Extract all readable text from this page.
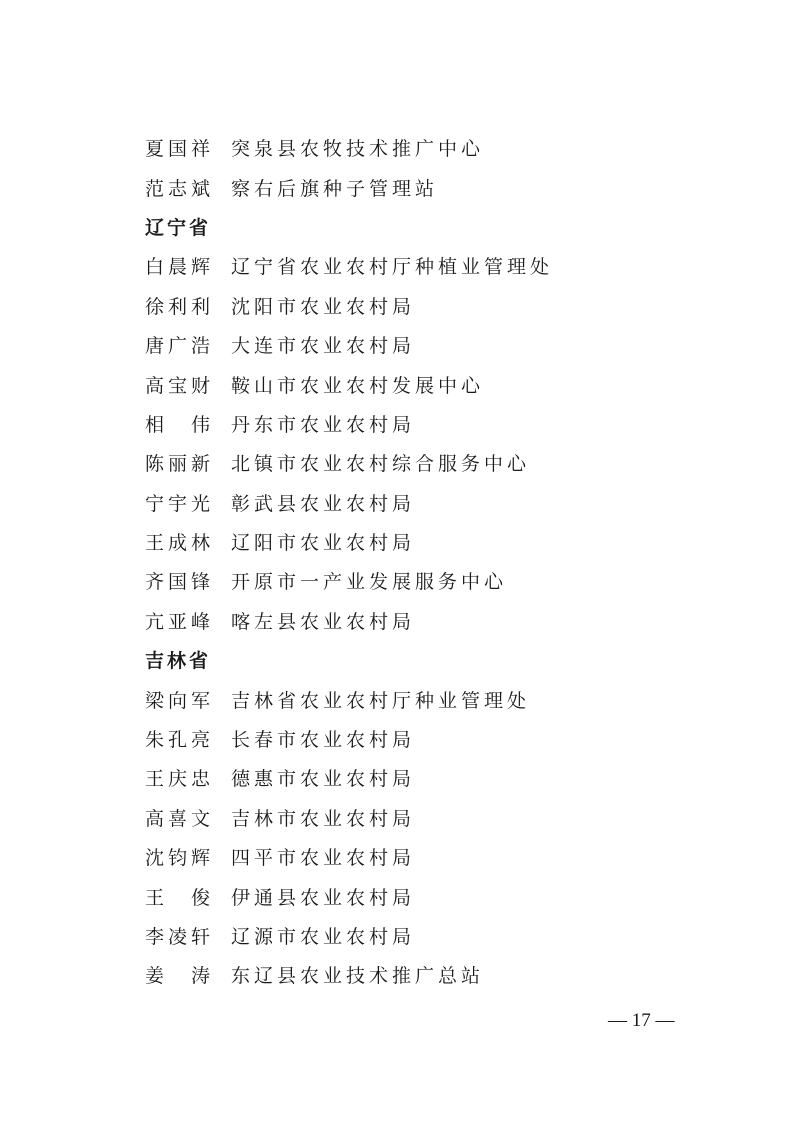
夏国祥 突泉县农牧技术推广中心
范志斌 察右后旗种子管理站
辽宁省
白晨辉 辽宁省农业农村厅种植业管理处
徐利利 沈阳市农业农村局
唐广浩 大连市农业农村局
高宝财 鞍山市农业农村发展中心
相　伟 丹东市农业农村局
陈丽新 北镇市农业农村综合服务中心
宁宇光 彰武县农业农村局
王成林 辽阳市农业农村局
齐国锋 开原市一产业发展服务中心
亢亚峰 喀左县农业农村局
吉林省
梁向军 吉林省农业农村厅种业管理处
朱孔亮 长春市农业农村局
王庆忠 德惠市农业农村局
高喜文 吉林市农业农村局
沈钧辉 四平市农业农村局
王　俊 伊通县农业农村局
李凌轩 辽源市农业农村局
姜　涛 东辽县农业技术推广总站
— 17 —
